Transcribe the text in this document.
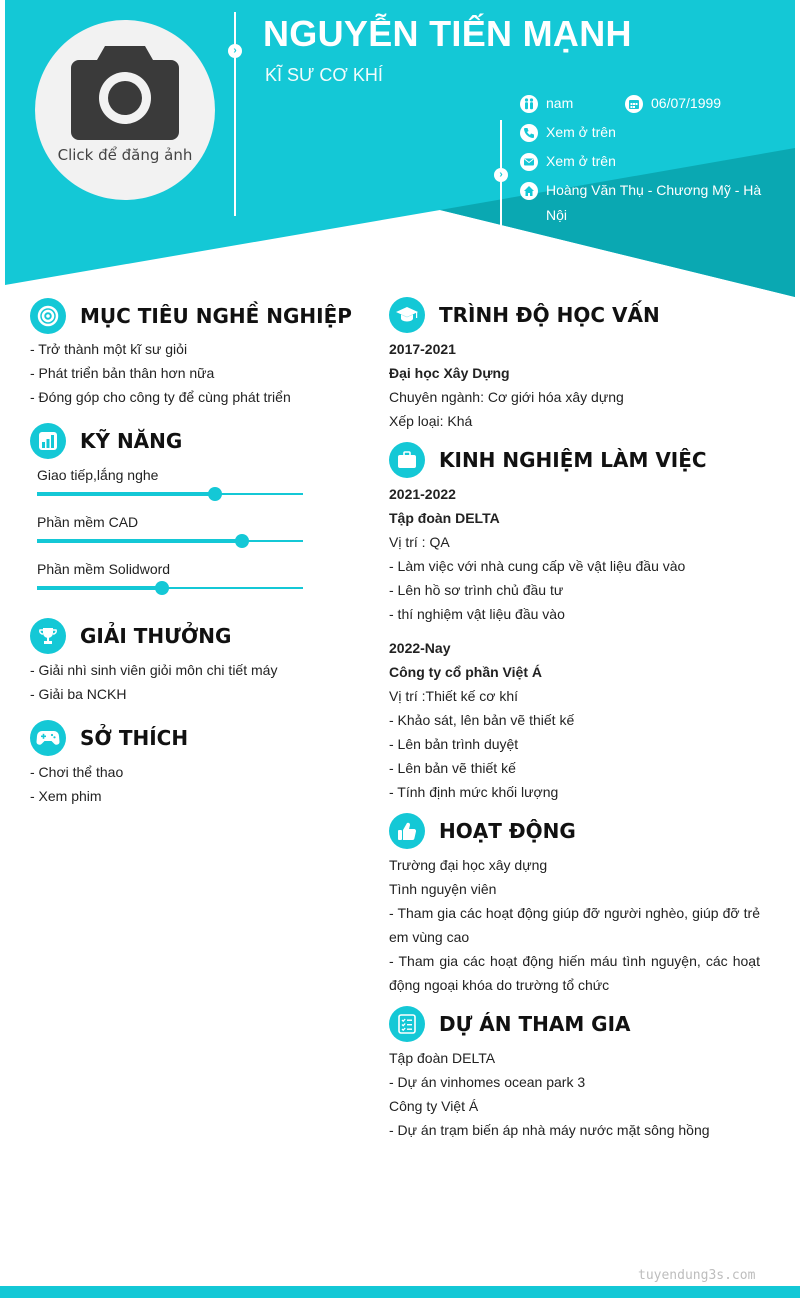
Click để đăng ảnh
› NGUYỄN TIẾN MẠNH
KĨ SƯ CƠ KHÍ
›
nam	06/07/1999
Xem ở trên
Xem ở trên
Hoàng Văn Thụ - Chương Mỹ - Hà
Nội
MỤC TIÊU NGHỀ NGHIỆP
- Trở thành một kĩ sư giỏi
- Phát triển bản thân hơn nữa
- Đóng góp cho công ty để cùng phát triển
KỸ NĂNG
Giao tiếp,lắng nghe
Phần mềm CAD
Phần mềm Solidword
GIẢI THƯỞNG
- Giải nhì sinh viên giỏi môn chi tiết máy
- Giải ba NCKH
SỞ THÍCH
- Chơi thể thao
- Xem phim
TRÌNH ĐỘ HỌC VẤN
2017-2021
Đại học Xây Dựng
Chuyên ngành: Cơ giới hóa xây dựng
Xếp loại: Khá
KINH NGHIỆM LÀM VIỆC
2021-2022
Tập đoàn DELTA
Vị trí : QA
- Làm việc với nhà cung cấp về vật liệu đầu vào
- Lên hồ sơ trình chủ đầu tư
- thí nghiệm vật liệu đầu vào
2022-Nay
Công ty cổ phần Việt Á
Vị trí :Thiết kế cơ khí
- Khảo sát, lên bản vẽ thiết kế
- Lên bản trình duyệt
- Lên bản vẽ thiết kế
- Tính định mức khối lượng
HOẠT ĐỘNG
Trường đại học xây dựng
Tình nguyện viên
- Tham gia các hoạt động giúp đỡ người nghèo, giúp đỡ trẻ em vùng cao
- Tham gia các hoạt động hiến máu tình nguyện, các hoạt động ngoại khóa do trường tổ chức
DỰ ÁN THAM GIA
Tập đoàn DELTA
- Dự án vinhomes ocean park 3
Công ty Việt Á
- Dự án trạm biến áp nhà máy nước mặt sông hồng
tuyendung3s.com
